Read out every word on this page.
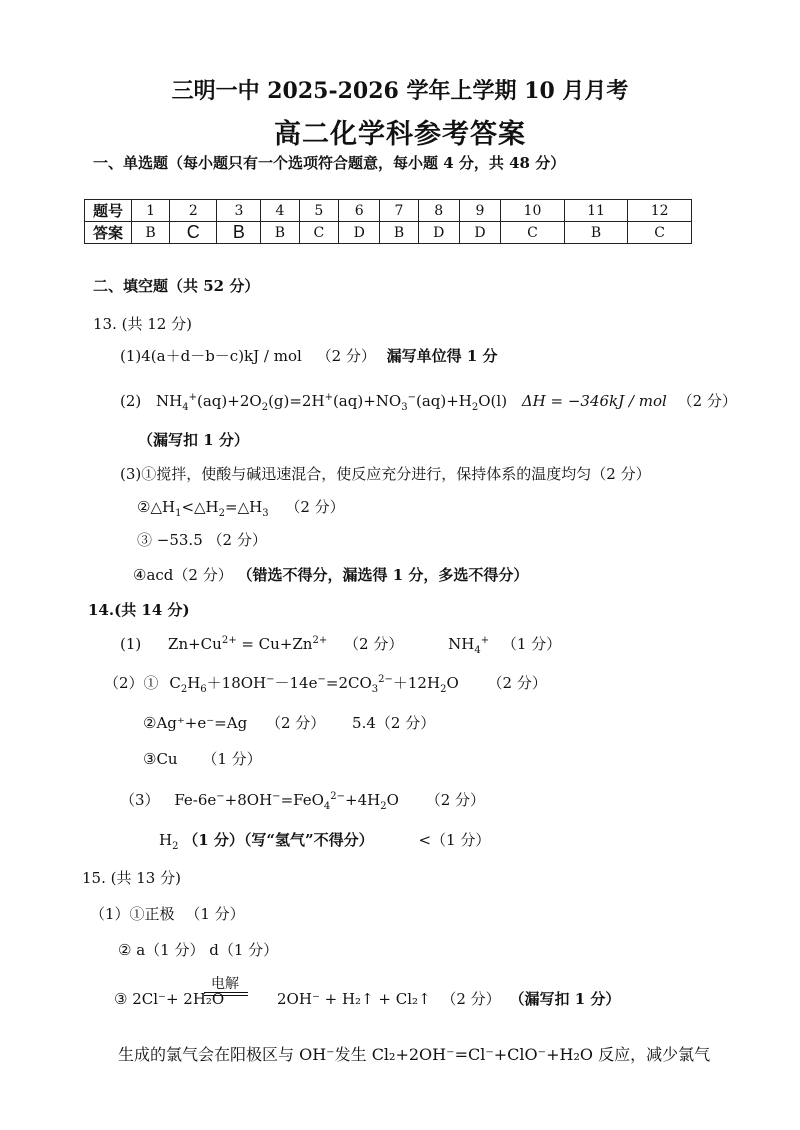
三明一中 2025-2026 学年上学期 10 月月考
高二化学科参考答案
一、单选题（每小题只有一个选项符合题意，每小题 4 分，共 48 分）
题号	1	2	3	4	5	6	7	8	9	10	11	12
答案	B	C	B	B	C	D	B	D	D	C	B	C
二、填空题（共 52 分）
13. (共 12 分)
(1)4(a＋d－b－c)kJ / mol （2 分） 漏写单位得 1 分
(2) $NH_4^+(aq)+2O_2(g)=2H^+(aq)+NO_3^-(aq)+H_2O(l) \Delta H = -346kJ$ / mol （2 分）
（漏写扣 1 分）
(3)①搅拌，使酸与碱迅速混合，使反应充分进行，保持体系的温度均匀（2 分）
$②\triangle H_1<\triangle H_2=\triangle H_3$ （2 分）
③ −53.5 （2 分）
④acd（2 分） （错选不得分，漏选得 1 分，多选不得分）
14.(共 14 分)
(1) $Zn+Cu^{2+} = Cu+Zn^{2+}$ （2 分）	$NH_4^+$ （1 分）
（2）① $C_2H_6+18OH^--14e^-=2CO_3^{2-}+12H_2O$ （2 分）
②Ag⁺+e⁻=Ag （2 分） 5.4（2 分）
③Cu （1 分）
（3） $Fe-6e^-+8OH^-=FeO_4^{2-}+4H_2O$ （2 分）
$H_2$ （1 分）（写“氢气”不得分）	<（1 分）
15. (共 13 分)
（1）①正极 （1 分）
② a（1 分） d（1 分）
电解
③ 2Cl⁻+ 2H₂O	2OH⁻ + H₂↑ + Cl₂↑ （2 分） （漏写扣 1 分）
生成的氯气会在阳极区与 OH⁻发生 Cl₂+2OH⁻=Cl⁻+ClO⁻+H₂O 反应，减少氯气
